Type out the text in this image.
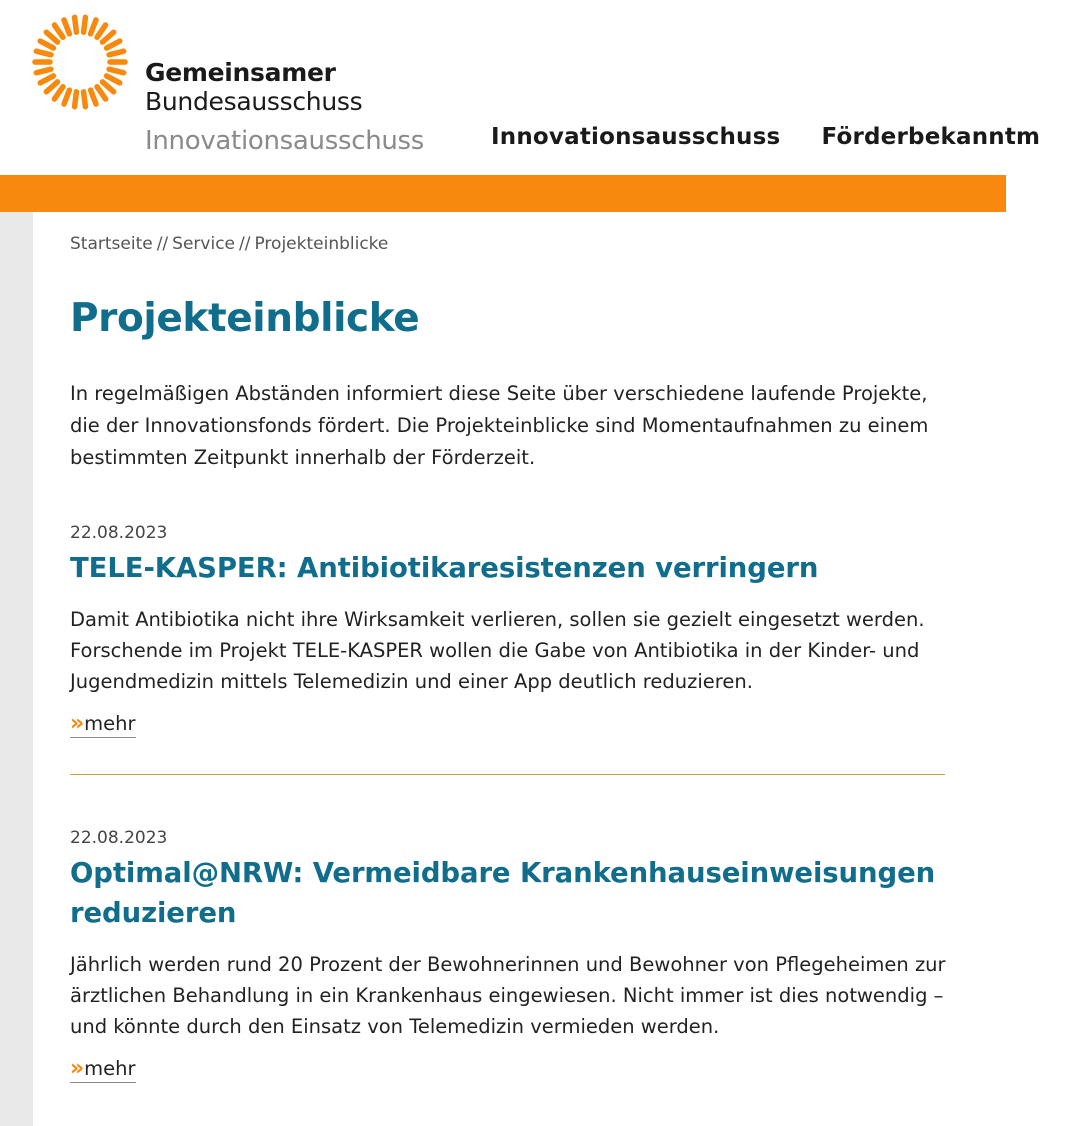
Gemeinsamer
Bundesausschuss
Innovationsausschuss	Innovationsausschuss Förderbekanntm
Startseite // Service // Projekteinblicke
Projekteinblicke

In regelmäßigen Abständen informiert diese Seite über verschiedene laufende Projekte, die der Innovationsfonds fördert. Die Projekteinblicke sind Momentaufnahmen zu einem bestimmten Zeitpunkt innerhalb der Förderzeit.

22.08.2023
TELE-KASPER: Antibiotikaresistenzen verringern
Damit Antibiotika nicht ihre Wirksamkeit verlieren, sollen sie gezielt eingesetzt werden. Forschende im Projekt TELE-KASPER wollen die Gabe von Antibiotika in der Kinder- und Jugendmedizin mittels Telemedizin und einer App deutlich reduzieren.
›› mehr
22.08.2023
Optimal@NRW: Vermeidbare Krankenhauseinweisungen reduzieren
Jährlich werden rund 20 Prozent der Bewohnerinnen und Bewohner von Pflegeheimen zur ärztlichen Behandlung in ein Krankenhaus eingewiesen. Nicht immer ist dies notwendig – und könnte durch den Einsatz von Telemedizin vermieden werden.
›› mehr
